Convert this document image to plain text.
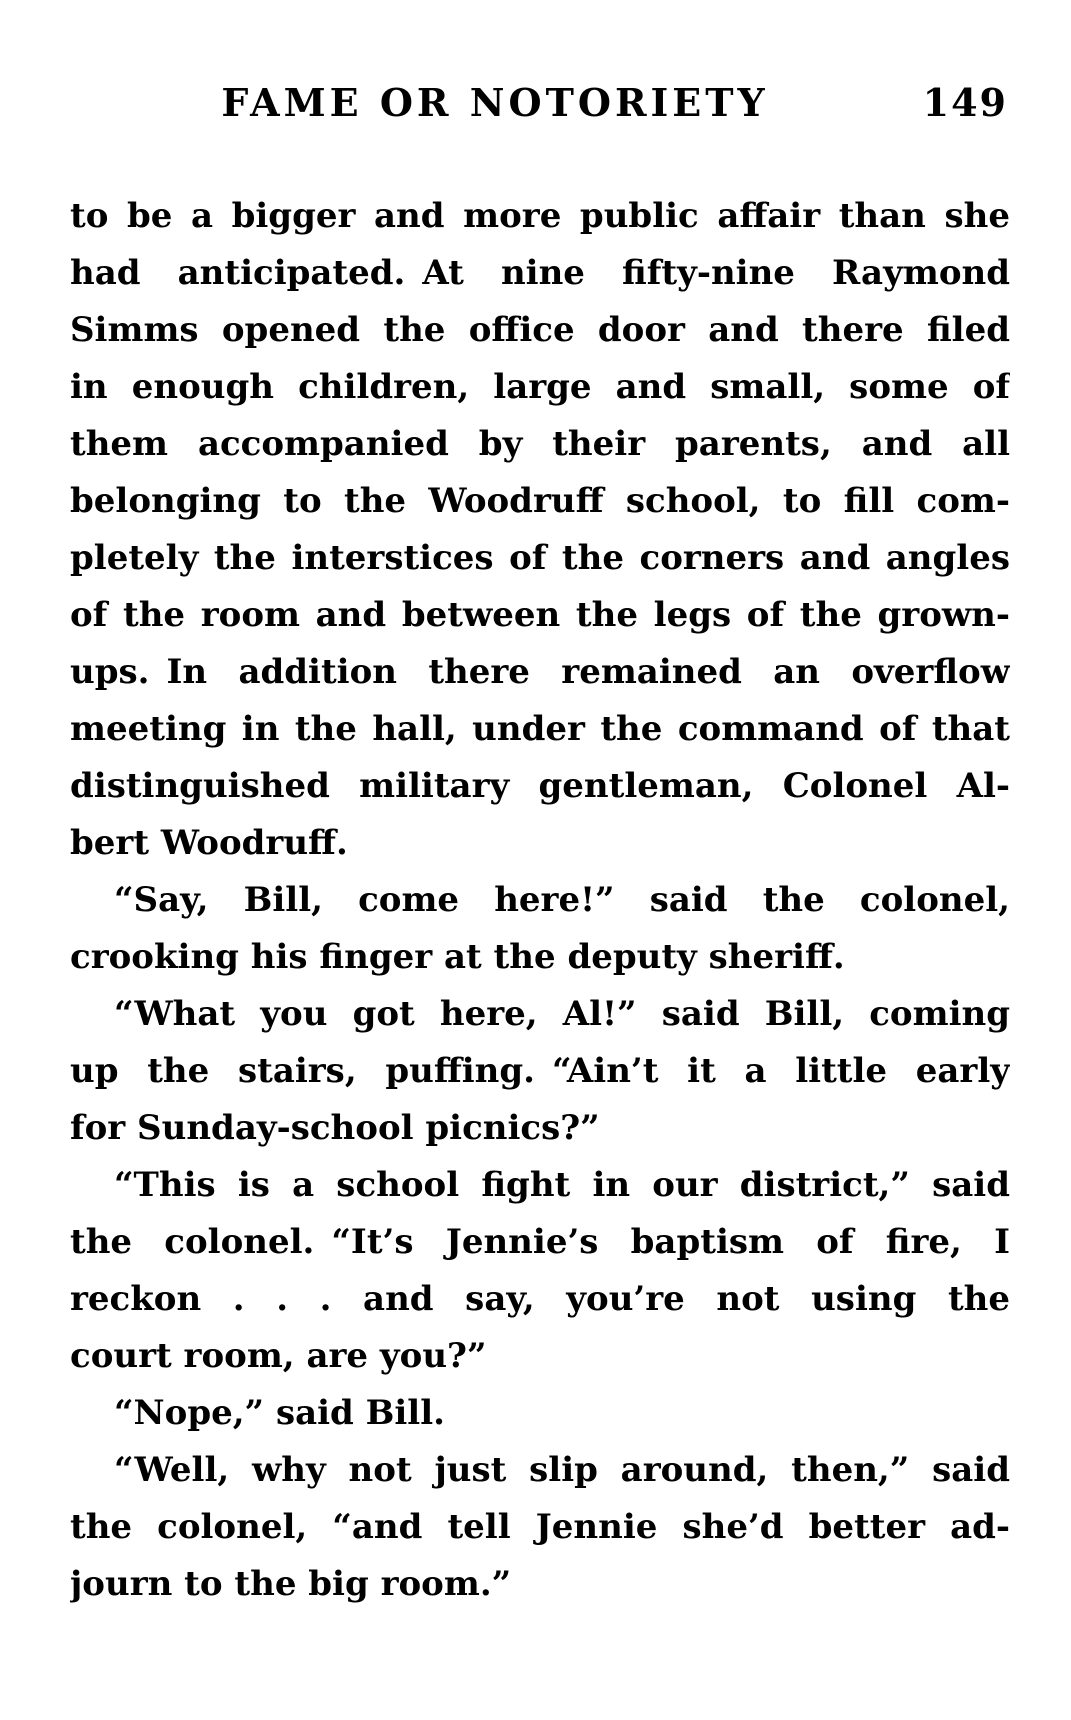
FAME OR NOTORIETY	149
to be a bigger and more public affair than she
had anticipated. At nine fifty-nine Raymond
Simms opened the office door and there filed
in enough children, large and small, some of
them accompanied by their parents, and all
belonging to the Woodruff school, to fill com-
pletely the interstices of the corners and angles
of the room and between the legs of the grown-
ups. In addition there remained an overflow
meeting in the hall, under the command of that
distinguished military gentleman, Colonel Al-
bert Woodruff.
“Say, Bill, come here!” said the colonel,
crooking his finger at the deputy sheriff.
“What you got here, Al!” said Bill, coming
up the stairs, puffing. “Ain’t it a little early
for Sunday-school picnics?”
“This is a school fight in our district,” said
the colonel. “It’s Jennie’s baptism of fire, I
reckon . . . and say, you’re not using the
court room, are you?”
“Nope,” said Bill.
“Well, why not just slip around, then,” said
the colonel, “and tell Jennie she’d better ad-
journ to the big room.”
